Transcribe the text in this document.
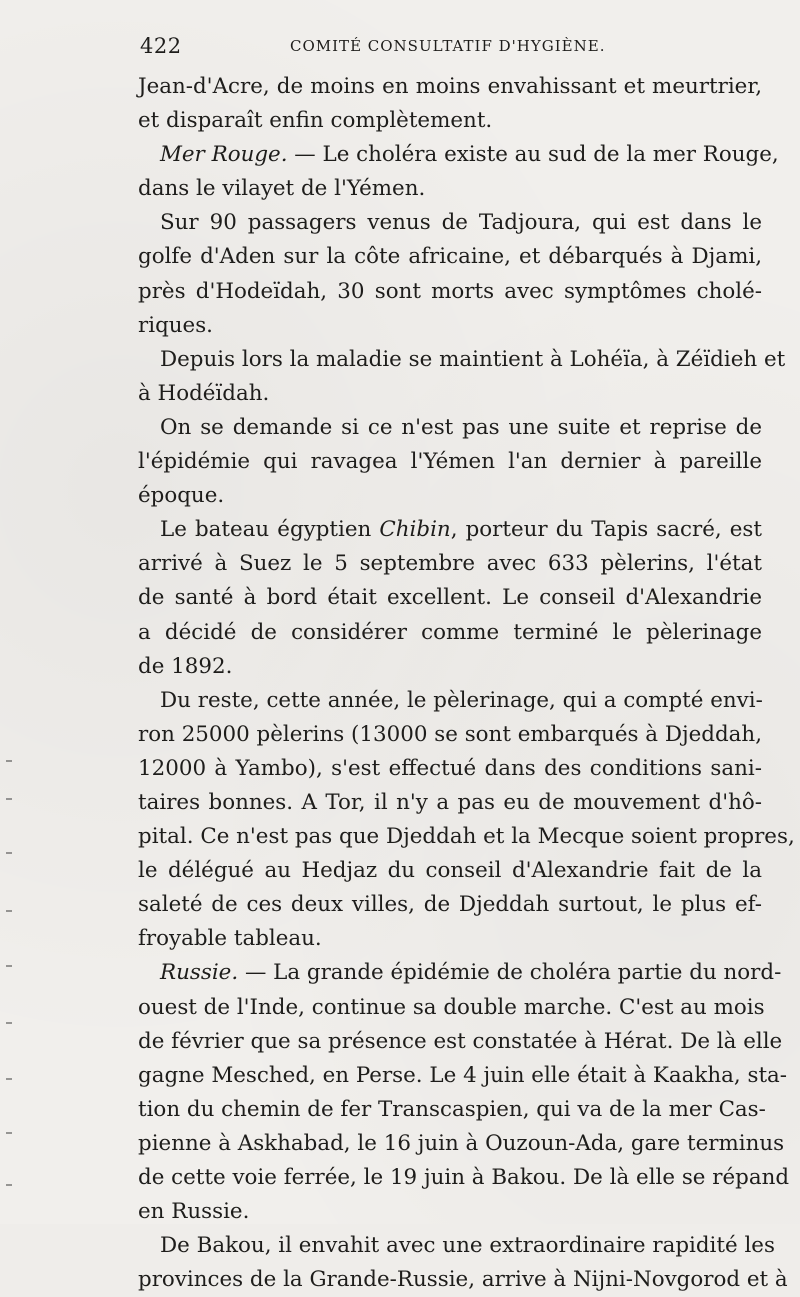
422	COMITÉ CONSULTATIF D'HYGIÈNE.
Jean-d'Acre, de moins en moins envahissant et meurtrier,
et disparaît enfin complètement.
Mer Rouge. — Le choléra existe au sud de la mer Rouge,
dans le vilayet de l'Yémen.
Sur 90 passagers venus de Tadjoura, qui est dans le
golfe d'Aden sur la côte africaine, et débarqués à Djami,
près d'Hodeïdah, 30 sont morts avec symptômes cholé-
riques.
Depuis lors la maladie se maintient à Lohéïa, à Zéïdieh et
à Hodéïdah.
On se demande si ce n'est pas une suite et reprise de
l'épidémie qui ravagea l'Yémen l'an dernier à pareille
époque.
Le bateau égyptien Chibin, porteur du Tapis sacré, est
arrivé à Suez le 5 septembre avec 633 pèlerins, l'état
de santé à bord était excellent. Le conseil d'Alexandrie
a décidé de considérer comme terminé le pèlerinage
de 1892.
Du reste, cette année, le pèlerinage, qui a compté envi-
ron 25000 pèlerins (13000 se sont embarqués à Djeddah,
12000 à Yambo), s'est effectué dans des conditions sani-
taires bonnes. A Tor, il n'y a pas eu de mouvement d'hô-
pital. Ce n'est pas que Djeddah et la Mecque soient propres,
le délégué au Hedjaz du conseil d'Alexandrie fait de la
saleté de ces deux villes, de Djeddah surtout, le plus ef-
froyable tableau.
Russie. — La grande épidémie de choléra partie du nord-
ouest de l'Inde, continue sa double marche. C'est au mois
de février que sa présence est constatée à Hérat. De là elle
gagne Mesched, en Perse. Le 4 juin elle était à Kaakha, sta-
tion du chemin de fer Transcaspien, qui va de la mer Cas-
pienne à Askhabad, le 16 juin à Ouzoun-Ada, gare terminus
de cette voie ferrée, le 19 juin à Bakou. De là elle se répand
en Russie.
De Bakou, il envahit avec une extraordinaire rapidité les
provinces de la Grande-Russie, arrive à Nijni-Novgorod et à
